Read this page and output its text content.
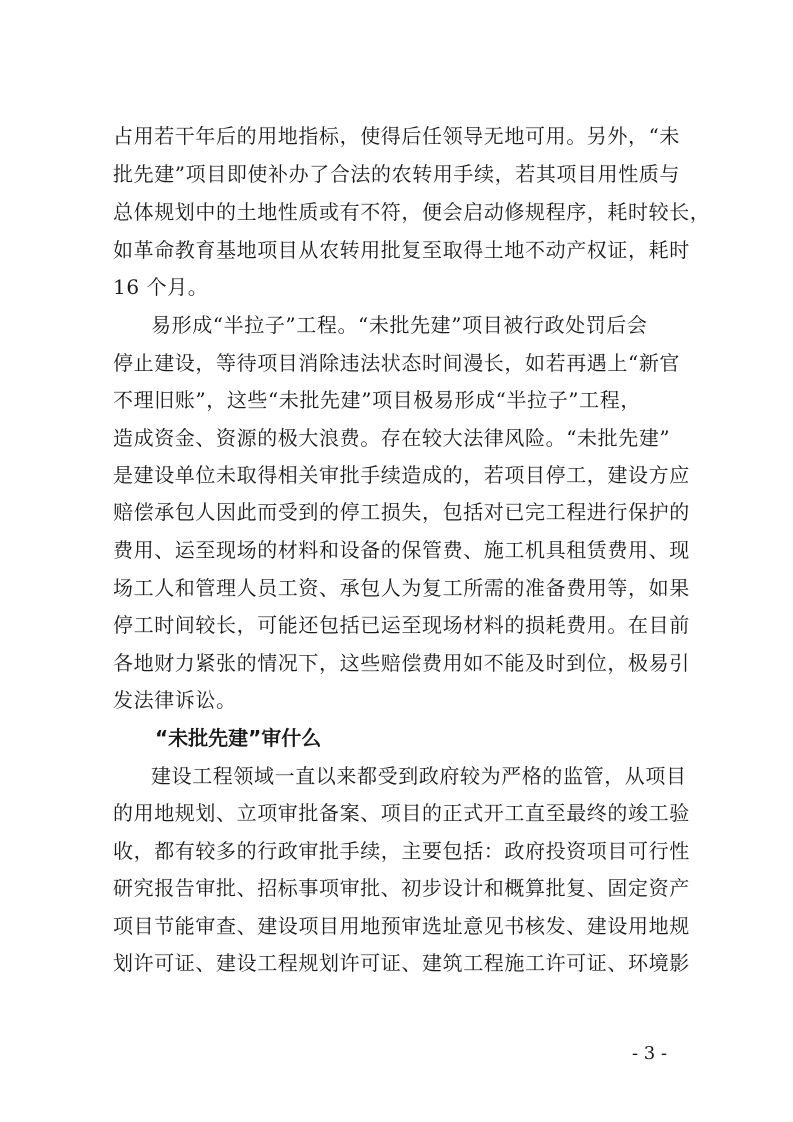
占用若干年后的用地指标，使得后任领导无地可用。另外，“未
批先建”项目即使补办了合法的农转用手续，若其项目用性质与
总体规划中的土地性质或有不符，便会启动修规程序，耗时较长，
如革命教育基地项目从农转用批复至取得土地不动产权证，耗时
16 个月。
易形成“半拉子”工程。“未批先建”项目被行政处罚后会
停止建设，等待项目消除违法状态时间漫长，如若再遇上“新官
不理旧账”，这些“未批先建”项目极易形成“半拉子”工程，
造成资金、资源的极大浪费。存在较大法律风险。“未批先建”
是建设单位未取得相关审批手续造成的，若项目停工，建设方应
赔偿承包人因此而受到的停工损失，包括对已完工程进行保护的
费用、运至现场的材料和设备的保管费、施工机具租赁费用、现
场工人和管理人员工资、承包人为复工所需的准备费用等，如果
停工时间较长，可能还包括已运至现场材料的损耗费用。在目前
各地财力紧张的情况下，这些赔偿费用如不能及时到位，极易引
发法律诉讼。
“未批先建”审什么
建设工程领域一直以来都受到政府较为严格的监管，从项目
的用地规划、立项审批备案、项目的正式开工直至最终的竣工验
收，都有较多的行政审批手续，主要包括：政府投资项目可行性
研究报告审批、招标事项审批、初步设计和概算批复、固定资产
项目节能审查、建设项目用地预审选址意见书核发、建设用地规
划许可证、建设工程规划许可证、建筑工程施工许可证、环境影
- 3 -
